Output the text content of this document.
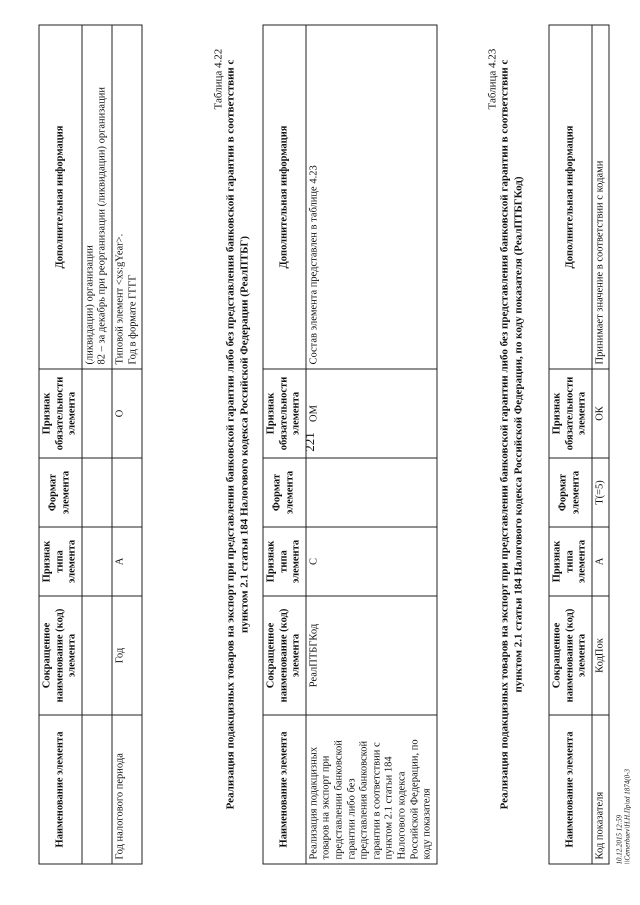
221
Наименование элемента	Сокращенное наименование (код) элемента	Признак типа элемента	Формат элемента	Признак обязательности элемента	Дополнительная информация
					(ликвидации) организации
82 – за декабрь при реорганизации (ликвидации) организации
Год налогового периода	Год	A		O	Типовой элемент <xs:gYear>.
Год в формате ГГГГ
Таблица 4.22 Реализация подакцизных товаров на экспорт при представлении банковской гарантии либо без представления банковской гарантии в соответствии с пунктом 2.1 статьи 184 Налогового кодекса Российской Федерации (РеалПТБГ)
Наименование элемента	Сокращенное наименование (код) элемента	Признак типа элемента	Формат элемента	Признак обязательности элемента	Дополнительная информация
Реализация подакцизных товаров на экспорт при представлении банковской гарантии либо без представления банковской гарантии в соответствии с пунктом 2.1 статьи 184 Налогового кодекса Российской Федерации, по коду показателя	РеалПТБГКод	С		ОМ	Состав элемента представлен в таблице 4.23
Таблица 4.23 Реализация подакцизных товаров на экспорт при представлении банковской гарантии либо без представления банковской гарантии в соответствии с пунктом 2.1 статьи 184 Налогового кодекса Российской Федерации, по коду показателя (РеалПТБГКод)
Наименование элемента	Сокращенное наименование (код) элемента	Признак типа элемента	Формат элемента	Признак обязательности элемента	Дополнительная информация
Код показателя	КодПок	A	T(=5)	ОК	Принимает значение в соответствии с кодами
10.12.2015 12:59 \\Cemerbaev\Н.Н.Пр\zd 1874(0-3
